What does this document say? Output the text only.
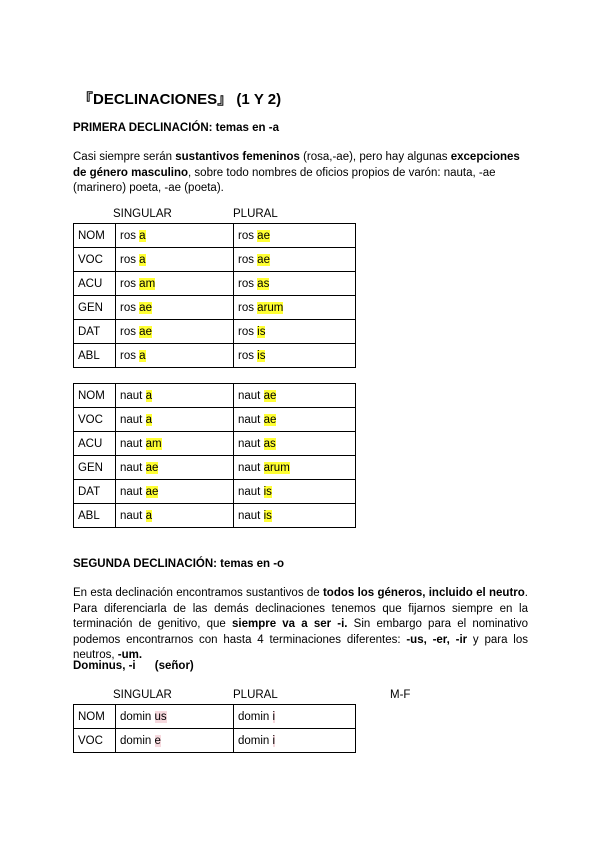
『DECLINACIONES』 (1 Y 2)
PRIMERA DECLINACIÓN: temas en -a
Casi siempre serán sustantivos femeninos (rosa,-ae), pero hay algunas excepciones de género masculino, sobre todo nombres de oficios propios de varón: nauta, -ae (marinero) poeta, -ae (poeta).
SINGULAR	PLURAL
NOM	ros a	ros ae
VOC	ros a	ros ae
ACU	ros am	ros as
GEN	ros ae	ros arum
DAT	ros ae	ros is
ABL	ros a	ros is
NOM	naut a	naut ae
VOC	naut a	naut ae
ACU	naut am	naut as
GEN	naut ae	naut arum
DAT	naut ae	naut is
ABL	naut a	naut is
SEGUNDA DECLINACIÓN: temas en -o
En esta declinación encontramos sustantivos de todos los géneros, incluido el neutro. Para diferenciarla de las demás declinaciones tenemos que fijarnos siempre en la terminación de genitivo, que siempre va a ser -i. Sin embargo para el nominativo podemos encontrarnos con hasta 4 terminaciones diferentes: -us, -er, -ir y para los neutros, -um.
Dominus, -i      (señor)
SINGULAR	PLURAL	M-F
NOM	domin us	domin i
VOC	domin e	domin i
